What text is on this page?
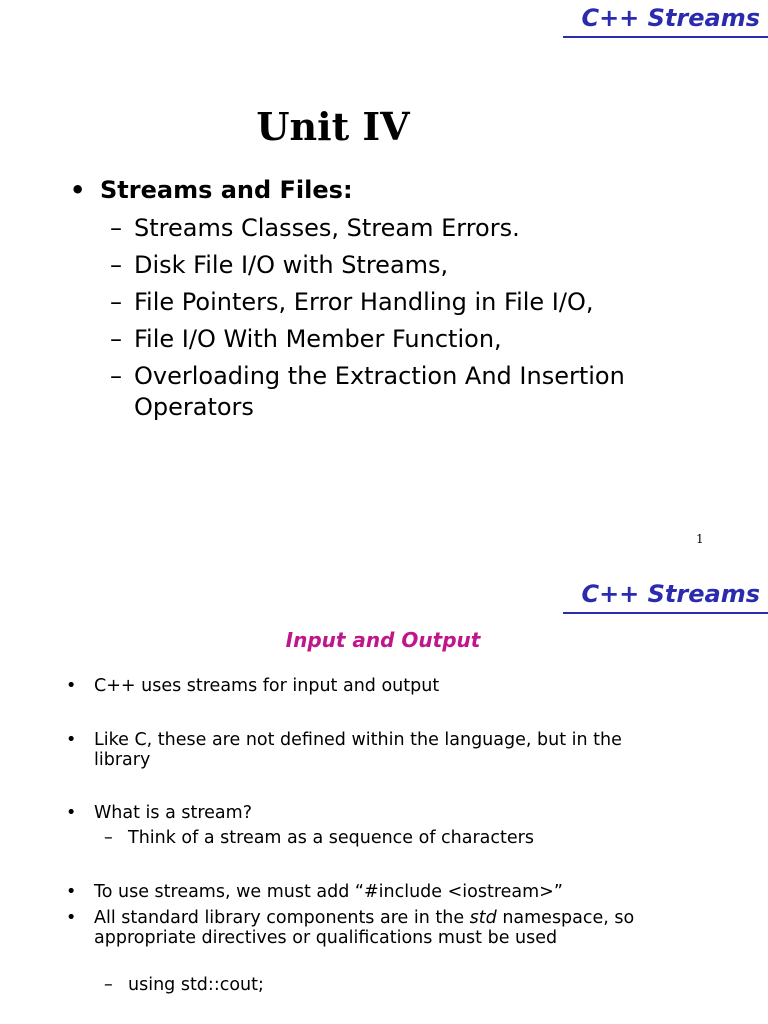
C++ Streams
Unit IV
• Streams and Files:
– Streams Classes, Stream Errors.
– Disk File I/O with Streams,
– File Pointers, Error Handling in File I/O,
– File I/O With Member Function,
– Overloading the Extraction And Insertion Operators
1
C++ Streams
Input and Output
• C++ uses streams for input and output
• Like C, these are not defined within the language, but in the library
• What is a stream?
– Think of a stream as a sequence of characters
• To use streams, we must add “#include <iostream>”
• All standard library components are in the std namespace, so appropriate directives or qualifications must be used
– using std::cout;
